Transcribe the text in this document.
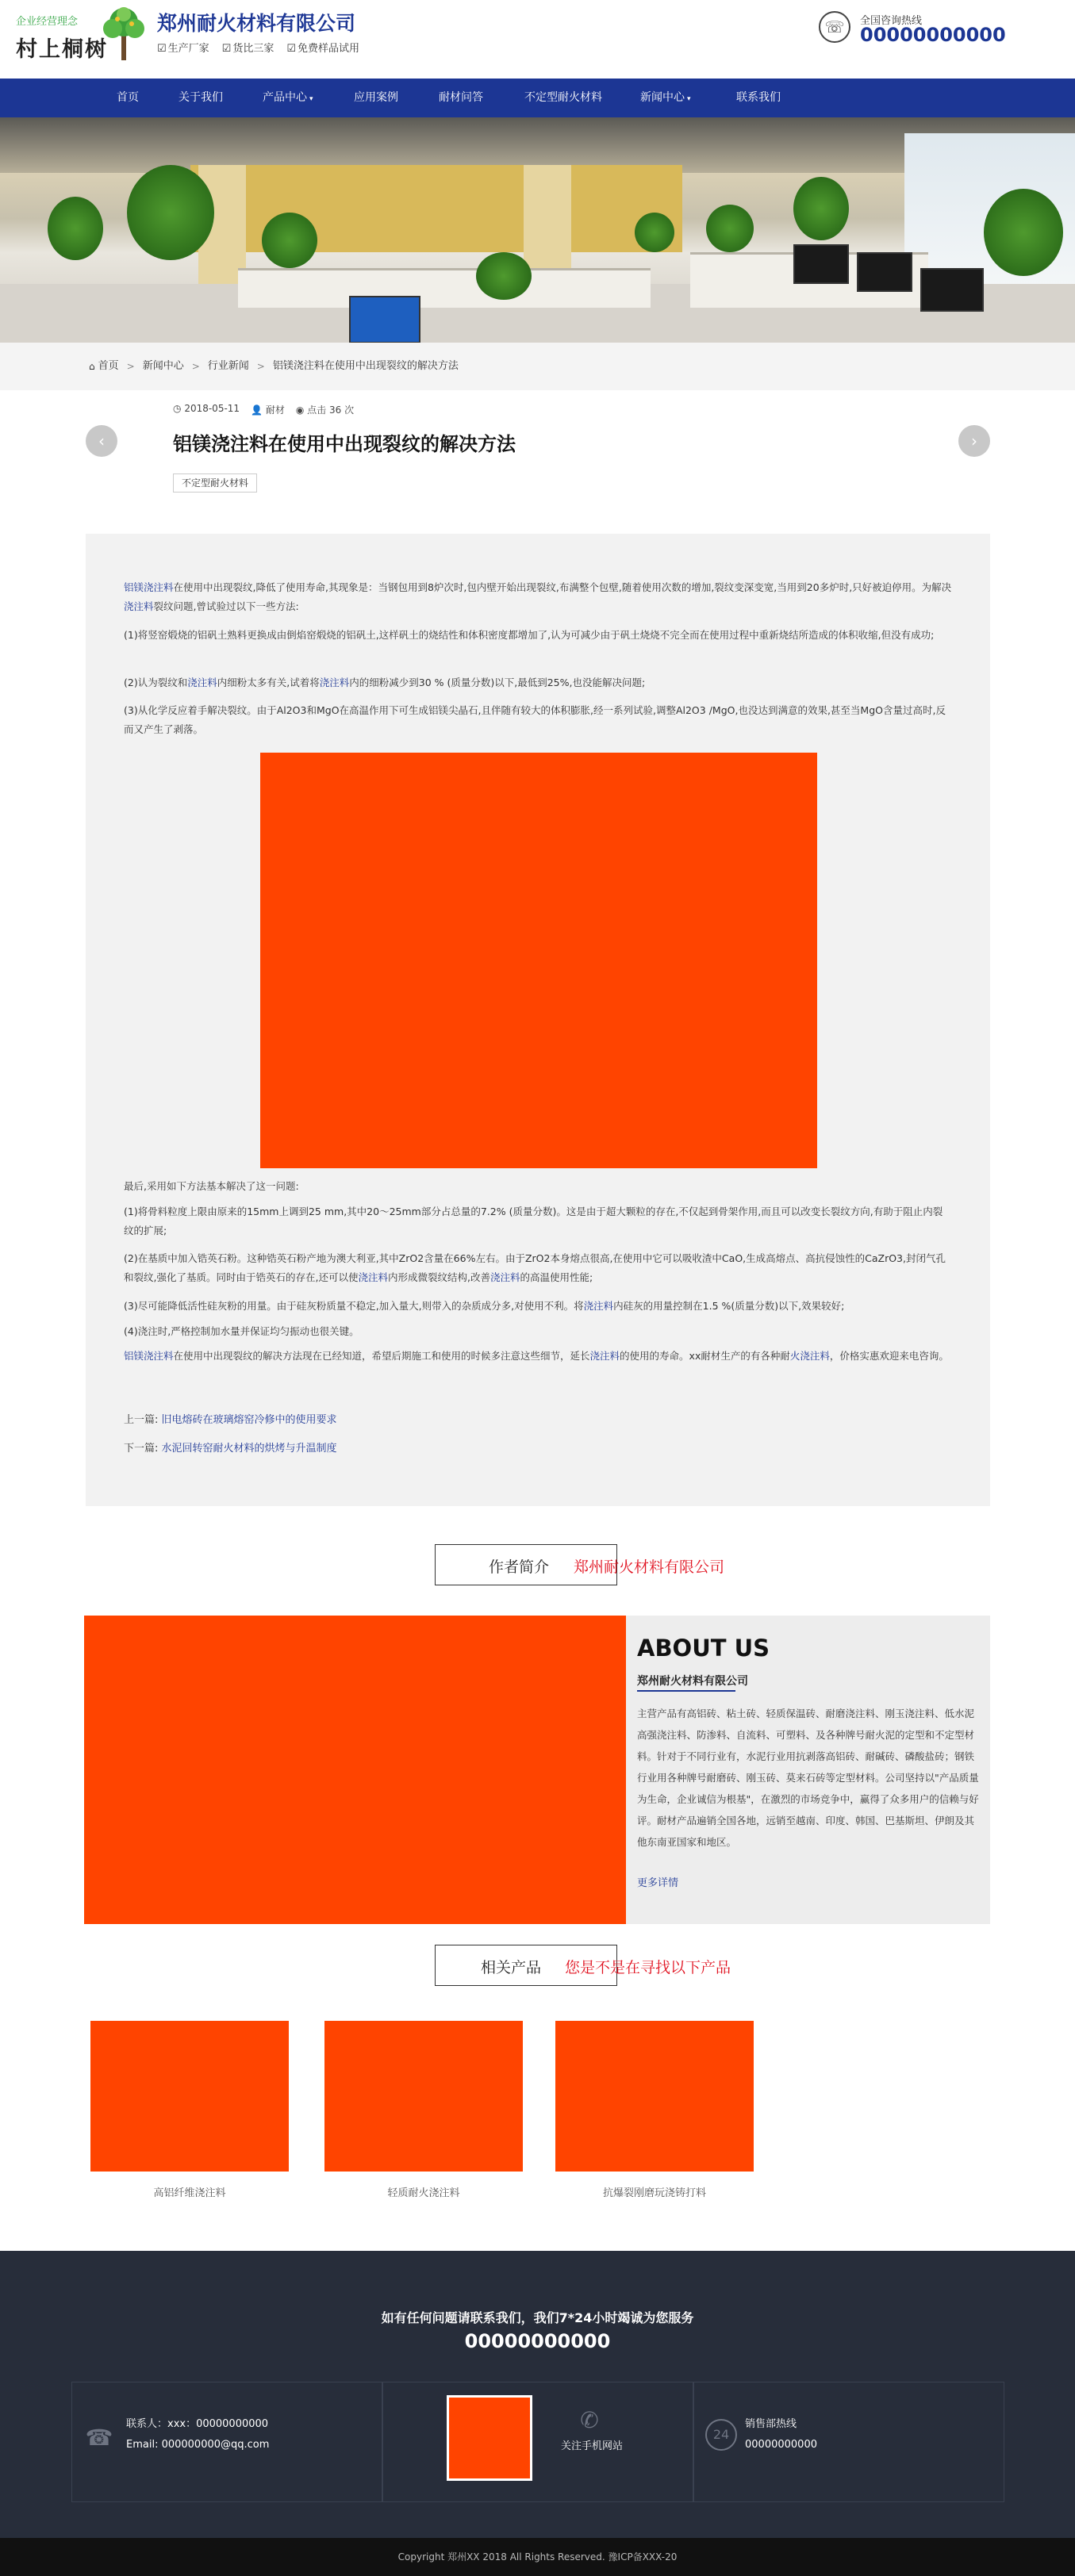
企业经营理念
村上桐树
郑州耐火材料有限公司
☑ 生产厂家	☑ 货比三家	☑ 免费样品试用
☏	全国咨询热线
00000000000
首页	关于我们	产品中心 ▾	应用案例	耐材问答	不定型耐火材料	新闻中心 ▾	联系我们
⌂ 首页 > 新闻中心 > 行业新闻 > 铝镁浇注料在使用中出现裂纹的解决方法
◷ 2018-05-11 👤 耐材 ◉ 点击 36 次
铝镁浇注料在使用中出现裂纹的解决方法
不定型耐火材料
‹	›

铝镁浇注料在使用中出现裂纹,降低了使用寿命,其现象是：当钢包用到8炉次时,包内壁开始出现裂纹,布满整个包壁,随着使用次数的增加,裂纹变深变宽,当用到20多炉时,只好被迫停用。为解决浇注料裂纹问题,曾试验过以下一些方法:

(1)将竖窑煅烧的铝矾土熟料更换成由倒焰窑煅烧的铝矾土,这样矾土的烧结性和体积密度都增加了,认为可减少由于矾土烧烧不完全而在使用过程中重新烧结所造成的体积收缩,但没有成功;

(2)认为裂纹和浇注料内细粉太多有关,试着将浇注料内的细粉减少到30 % (质量分数)以下,最低到25%,也没能解决问题;

(3)从化学反应着手解决裂纹。由于Al2O3和MgO在高温作用下可生成铝镁尖晶石,且伴随有较大的体积膨胀,经一系列试验,调整Al2O3 /MgO,也没达到满意的效果,甚至当MgO含量过高时,反而又产生了剥落。

最后,采用如下方法基本解决了这一问题:

(1)将骨料粒度上限由原来的15mm上调到25 mm,其中20～25mm部分占总量的7.2% (质量分数)。这是由于超大颗粒的存在,不仅起到骨架作用,而且可以改变长裂纹方向,有助于阻止内裂纹的扩展;

(2)在基质中加入锆英石粉。这种锆英石粉产地为澳大利亚,其中ZrO2含量在66%左右。由于ZrO2本身熔点很高,在使用中它可以吸收渣中CaO,生成高熔点、高抗侵蚀性的CaZrO3,封闭气孔和裂纹,强化了基质。同时由于锆英石的存在,还可以使浇注料内形成微裂纹结构,改善浇注料的高温使用性能;

(3)尽可能降低活性硅灰粉的用量。由于硅灰粉质量不稳定,加入量大,则带入的杂质成分多,对使用不利。将浇注料内硅灰的用量控制在1.5 %(质量分数)以下,效果较好;

(4)浇注时,严格控制加水量并保证均匀振动也很关键。

铝镁浇注料在使用中出现裂纹的解决方法现在已经知道，希望后期施工和使用的时候多注意这些细节，延长浇注料的使用的寿命。xx耐材生产的有各种耐火浇注料，价格实惠欢迎来电咨询。

上一篇: 旧电熔砖在玻璃熔窑冷修中的使用要求
下一篇: 水泥回转窑耐火材料的烘烤与升温制度
作者简介 郑州耐火材料有限公司
ABOUT US
郑州耐火材料有限公司

主营产品有高铝砖、粘土砖、轻质保温砖、耐磨浇注料、刚玉浇注料、低水泥高强浇注料、防渗料、自流料、可塑料、及各种牌号耐火泥的定型和不定型材料。针对于不同行业有，水泥行业用抗剥落高铝砖、耐碱砖、磷酸盐砖；钢铁行业用各种牌号耐磨砖、刚玉砖、莫来石砖等定型材料。公司坚持以"产品质量为生命，企业诚信为根基"，在激烈的市场竞争中，赢得了众多用户的信赖与好评。耐材产品遍销全国各地，远销至越南、印度、韩国、巴基斯坦、伊朗及其他东南亚国家和地区。

更多详情
相关产品 您是不是在寻找以下产品
高铝纤维浇注料	轻质耐火浇注料	抗爆裂刚磨玩浇铸打料
如有任何问题请联系我们，我们7*24小时竭诚为您服务
00000000000
☎
联系人：xxx：00000000000
Email: 000000000@qq.com
✆
关注手机网站
24
销售部热线
00000000000
Copyright 郑州XX 2018 All Rights Reserved. 豫ICP备XXX-20
